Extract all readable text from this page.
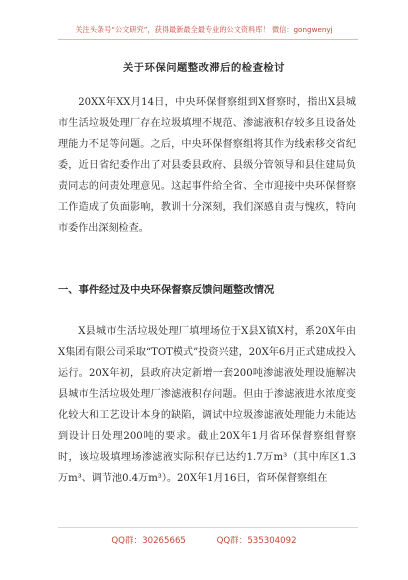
关注头条号“公文研究”，获得最新最全最专业的公文资料库！ 微信：gongwenyj
关于环保问题整改滞后的检查检讨

20XX年XX月14日，中央环保督察组到X督察时，指出X县城市生活垃圾处理厂存在垃圾填埋不规范、渗滤液积存较多且设备处理能力不足等问题。之后，中央环保督察组将其作为线索移交省纪委，近日省纪委作出了对县委县政府、县级分管领导和县住建局负责同志的问责处理意见。这起事件给全省、全市迎接中央环保督察工作造成了负面影响，教训十分深刻，我们深感自责与愧疚，特向市委作出深刻检查。

一、事件经过及中央环保督察反馈问题整改情况

X县城市生活垃圾处理厂填埋场位于X县X镇X村，系20X年由X集团有限公司采取“TOT模式”投资兴建，20X年6月正式建成投入运行。20X年初，县政府决定新增一套200吨渗滤液处理设施解决县城市生活垃圾处理厂渗滤液积存问题。但由于渗滤液进水浓度变化较大和工艺设计本身的缺陷，调试中垃圾渗滤液处理能力未能达到设计日处理200吨的要求。截止20X年1月省环保督察组督察时，该垃圾填埋场渗滤液实际积存已达约1.7万m³（其中库区1.3万m³、调节池0.4万m³）。20X年1月16日，省环保督察组在

QQ群：30265665	QQ群：535304092
